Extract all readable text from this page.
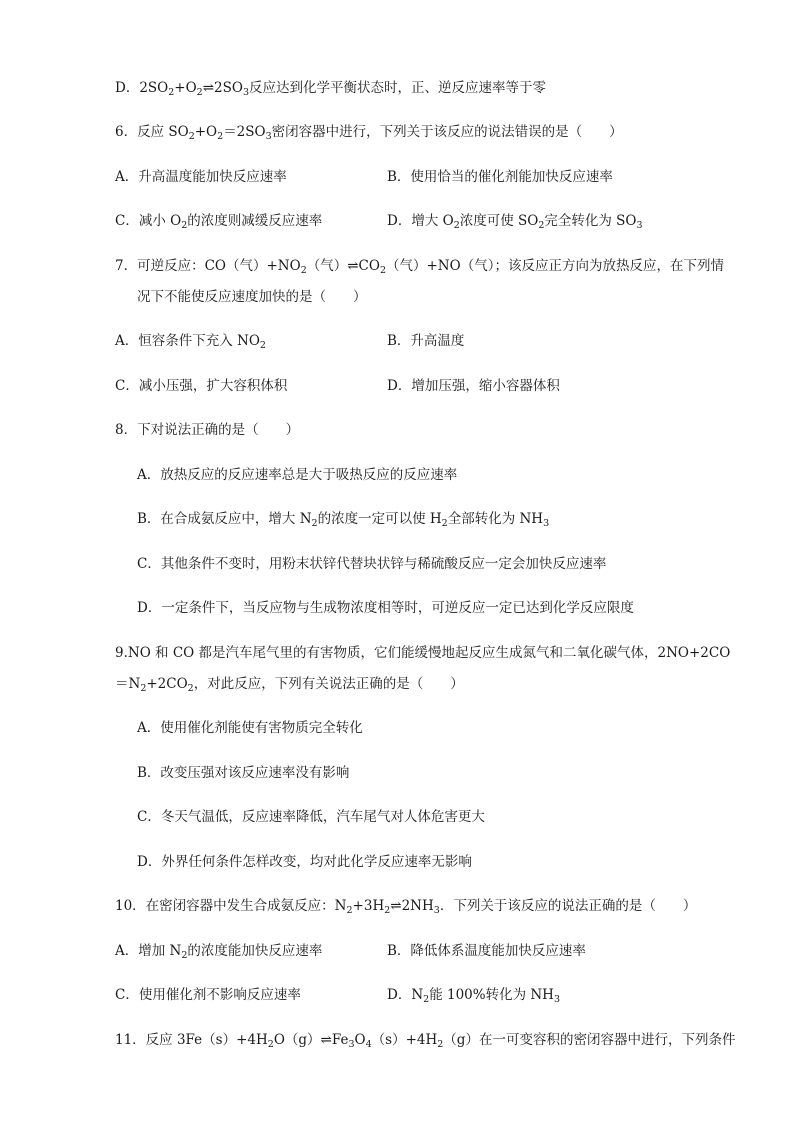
D．$2SO_2+O_2\rightleftharpoons 2SO_3$反应达到化学平衡状态时，正、逆反应速率等于零
6．反应 $SO_2+O_2=2SO_3$密闭容器中进行，下列关于该反应的说法错误的是（　　）
A．升高温度能加快反应速率	B．使用恰当的催化剂能加快反应速率
C．减小 $O_2$的浓度则减缓反应速率	D．增大 $O_2$浓度可使 $SO_2$完全转化为 $SO_3$
7．可逆反应：CO（气）$+NO_2$（气）$\rightleftharpoons CO_2$（气）+NO（气）；该反应正方向为放热反应，在下列情
况下不能使反应速度加快的是（　　）
A．恒容条件下充入 $NO_2$	B．升高温度
C．减小压强，扩大容积体积	D．增加压强，缩小容器体积
8．下对说法正确的是（　　）
A．放热反应的反应速率总是大于吸热反应的反应速率
B．在合成氨反应中，增大 $N_2$的浓度一定可以使 $H_2$全部转化为 $NH_3$
C．其他条件不变时，用粉末状锌代替块状锌与稀硫酸反应一定会加快反应速率
D．一定条件下，当反应物与生成物浓度相等时，可逆反应一定已达到化学反应限度
9.NO 和 CO 都是汽车尾气里的有害物质，它们能缓慢地起反应生成氮气和二氧化碳气体，2NO+2CO
$=N_2+2CO_2$，对此反应，下列有关说法正确的是（　　）
A．使用催化剂能使有害物质完全转化
B．改变压强对该反应速率没有影响
C．冬天气温低，反应速率降低，汽车尾气对人体危害更大
D．外界任何条件怎样改变，均对此化学反应速率无影响
10．在密闭容器中发生合成氨反应：$N_2+3H_2\rightleftharpoons 2NH_3$．下列关于该反应的说法正确的是（　　）
A．增加 $N_2$的浓度能加快反应速率	B．降低体系温度能加快反应速率
C．使用催化剂不影响反应速率	D．$N_2$能 100%转化为 $NH_3$
11．反应 $3Fe(s)+4H_2O(g)\rightleftharpoons Fe_3O_4(s)+4H_2(g)$在一可变容积的密闭容器中进行，下列条件
